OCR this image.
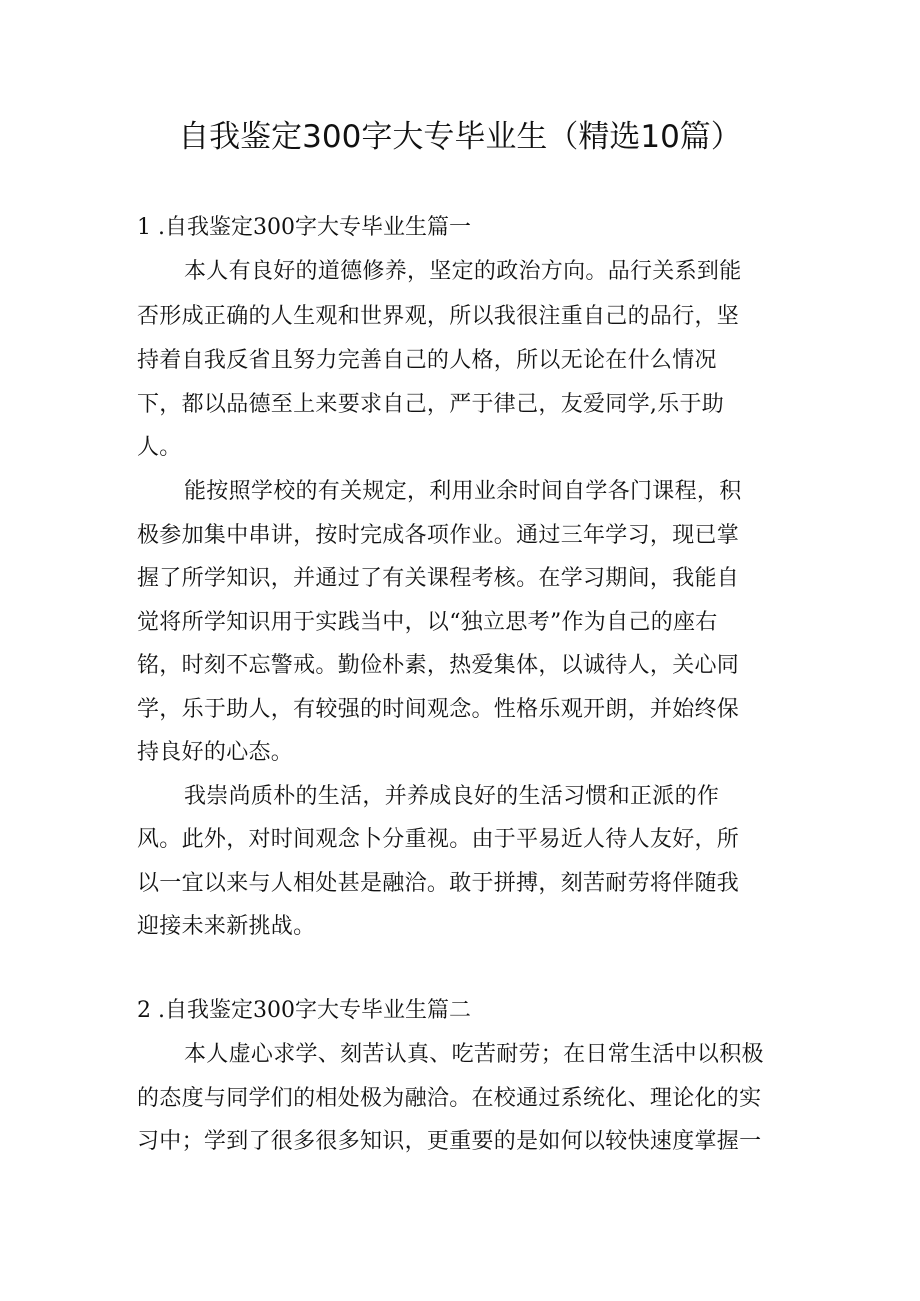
自我鉴定300字大专毕业生（精选10篇）
1 .自我鉴定300字大专毕业生篇一
本人有良好的道德修养，坚定的政治方向。品行关系到能
否形成正确的人生观和世界观，所以我很注重自己的品行，坚
持着自我反省且努力完善自己的人格，所以无论在什么情况
下，都以品德至上来要求自己，严于律己，友爱同学,乐于助
人。
能按照学校的有关规定，利用业余时间自学各门课程，积
极参加集中串讲，按时完成各项作业。通过三年学习，现已掌
握了所学知识，并通过了有关课程考核。在学习期间，我能自
觉将所学知识用于实践当中，以“独立思考”作为自己的座右
铭，时刻不忘警戒。勤俭朴素，热爱集体，以诚待人，关心同
学，乐于助人，有较强的时间观念。性格乐观开朗，并始终保
持良好的心态。
我崇尚质朴的生活，并养成良好的生活习惯和正派的作
风。此外，对时间观念卜分重视。由于平易近人待人友好，所
以一宜以来与人相处甚是融洽。敢于拼搏，刻苦耐劳将伴随我
迎接未来新挑战。
2 .自我鉴定300字大专毕业生篇二
本人虚心求学、刻苦认真、吃苦耐劳；在日常生活中以积极
的态度与同学们的相处极为融洽。在校通过系统化、理论化的实
习中；学到了很多很多知识，更重要的是如何以较快速度掌握一
